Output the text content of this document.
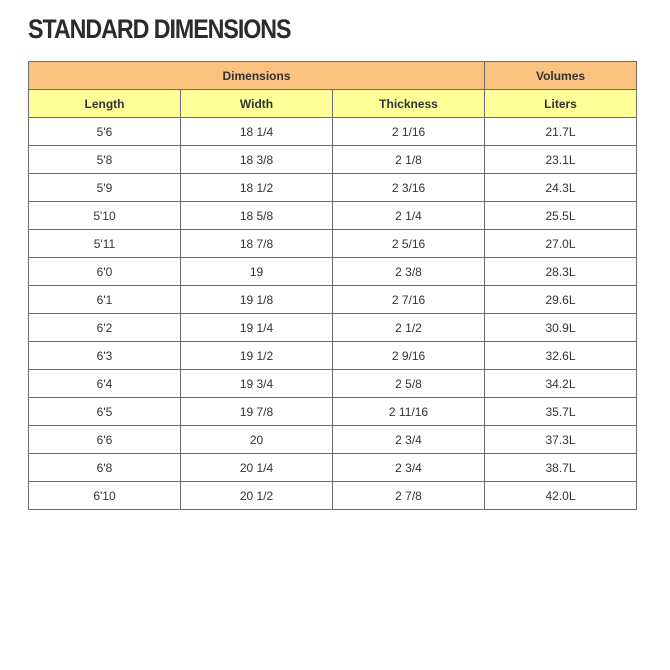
STANDARD DIMENSIONS
Dimensions			Volumes
Length	Width	Thickness	Liters
5'6	18 1/4	2 1/16	21.7L
5'8	18 3/8	2 1/8	23.1L
5'9	18 1/2	2 3/16	24.3L
5'10	18 5/8	2 1/4	25.5L
5'11	18 7/8	2 5/16	27.0L
6'0	19	2 3/8	28.3L
6'1	19 1/8	2 7/16	29.6L
6'2	19 1/4	2 1/2	30.9L
6'3	19 1/2	2 9/16	32.6L
6'4	19 3/4	2 5/8	34.2L
6'5	19 7/8	2 11/16	35.7L
6'6	20	2 3/4	37.3L
6'8	20 1/4	2 3/4	38.7L
6'10	20 1/2	2 7/8	42.0L
